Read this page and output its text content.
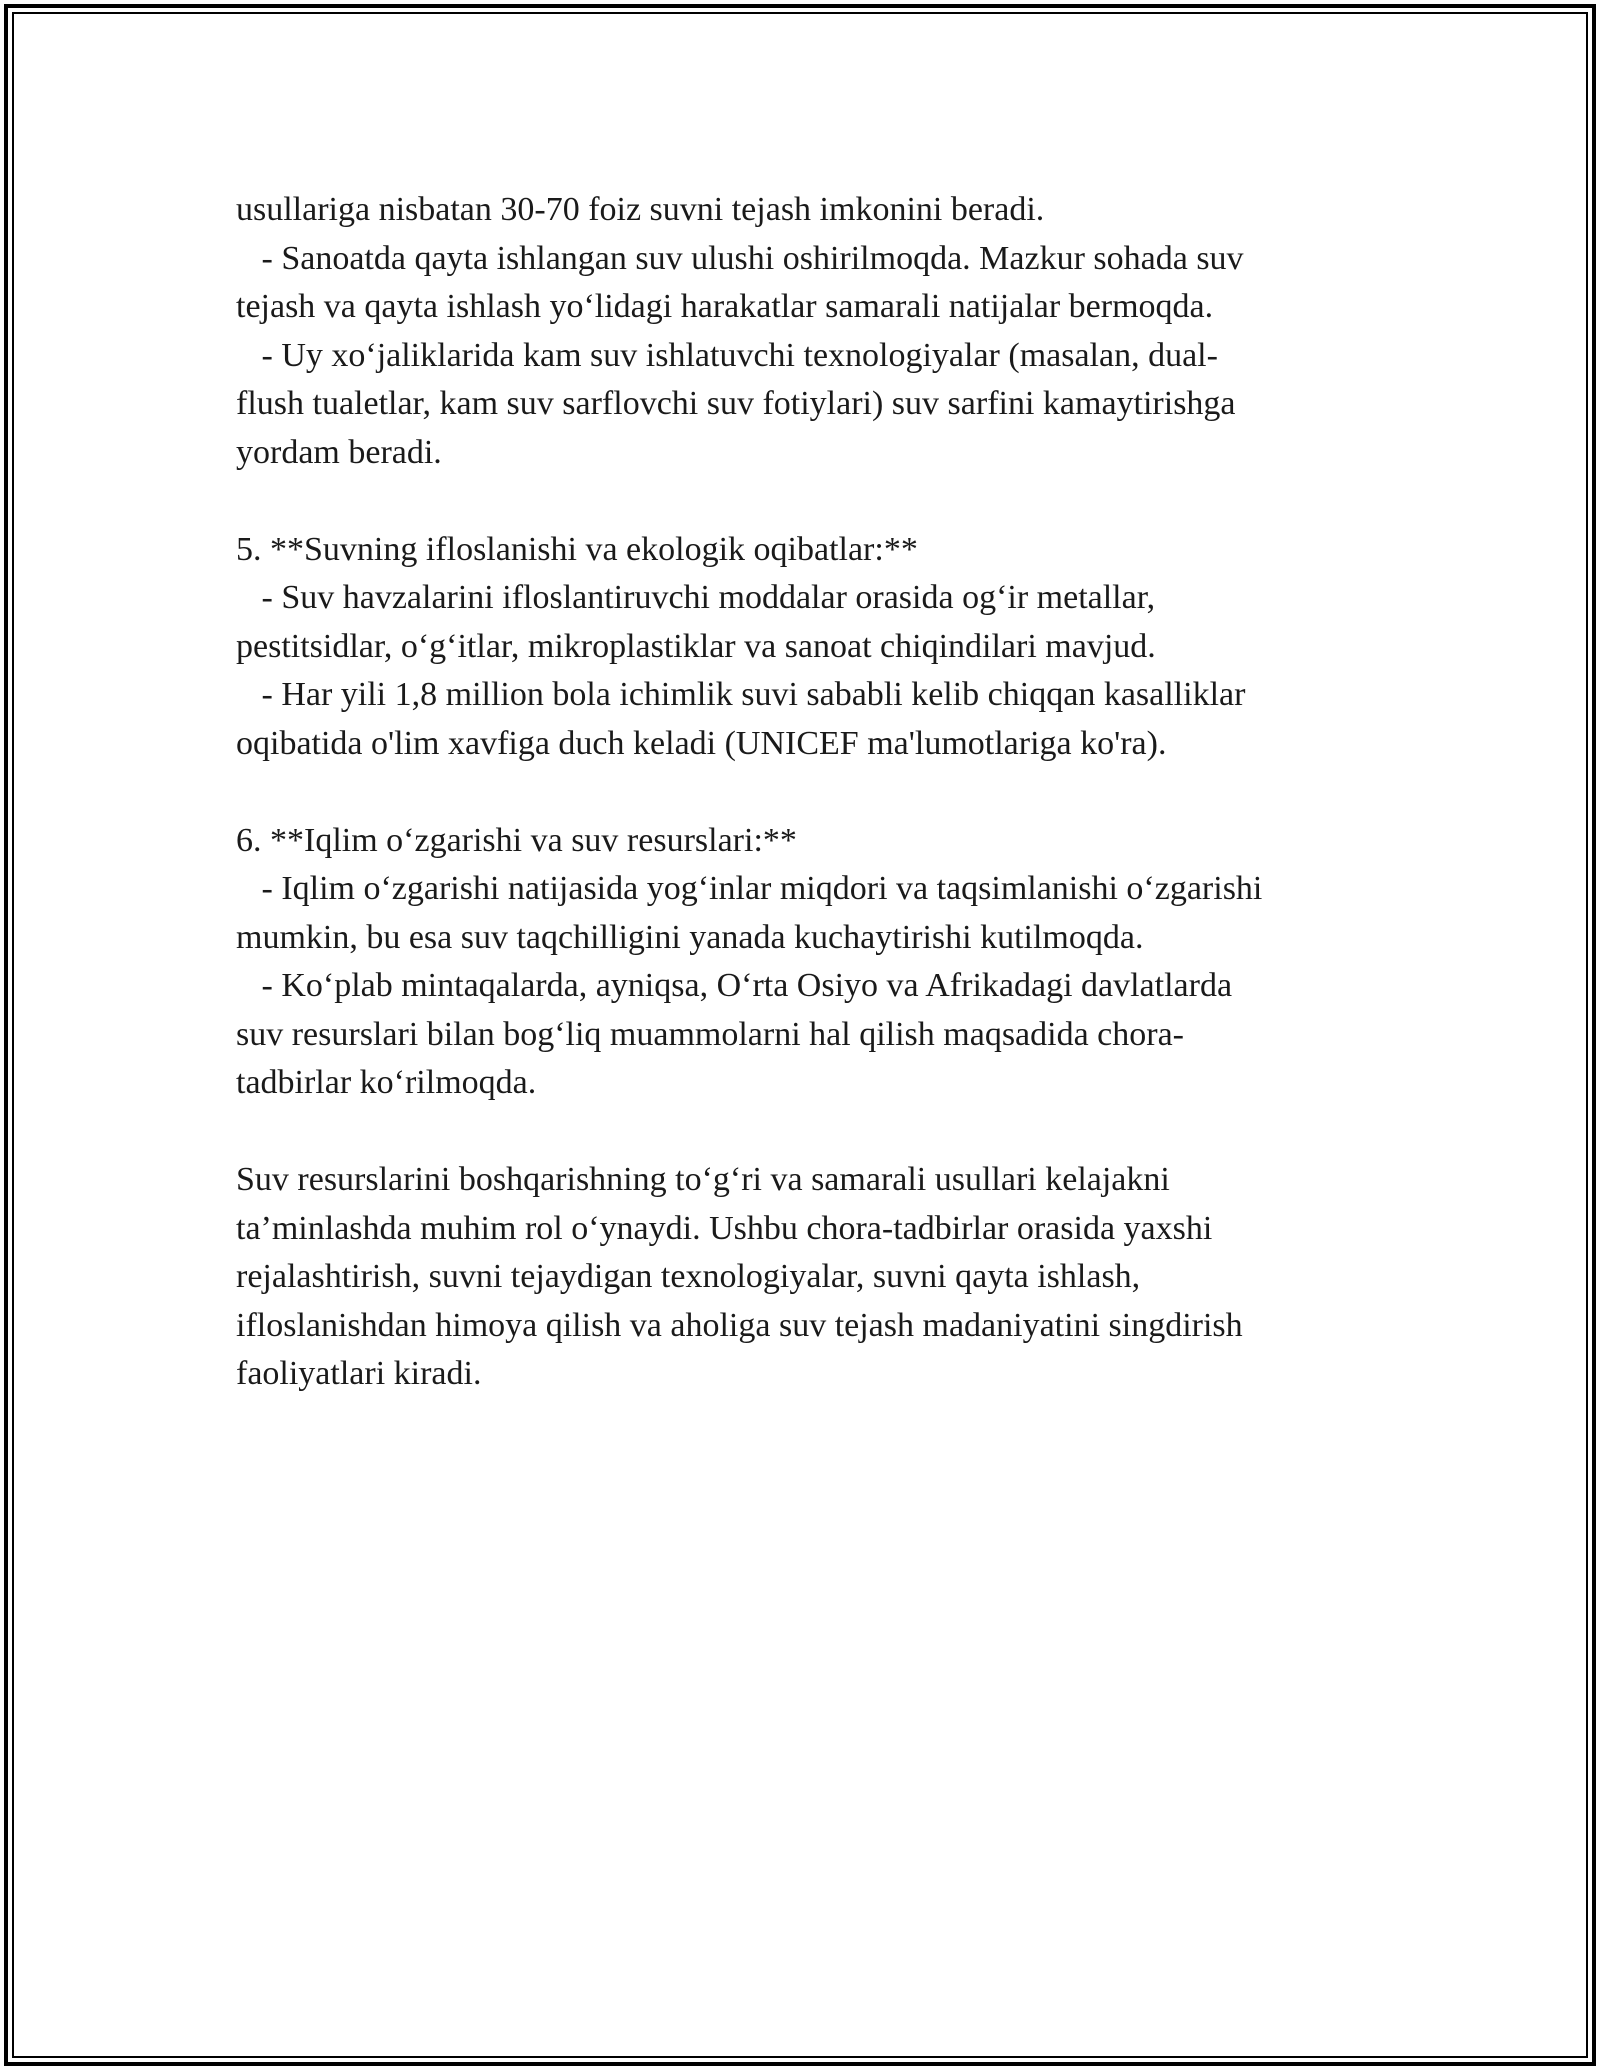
usullariga nisbatan 30-70 foiz suvni tejash imkonini beradi.
- Sanoatda qayta ishlangan suv ulushi oshirilmoqda. Mazkur sohada suv
tejash va qayta ishlash yo‘lidagi harakatlar samarali natijalar bermoqda.
- Uy xo‘jaliklarida kam suv ishlatuvchi texnologiyalar (masalan, dual-
flush tualetlar, kam suv sarflovchi suv fotiylari) suv sarfini kamaytirishga
yordam beradi.
5. **Suvning ifloslanishi va ekologik oqibatlar:**
- Suv havzalarini ifloslantiruvchi moddalar orasida og‘ir metallar,
pestitsidlar, o‘g‘itlar, mikroplastiklar va sanoat chiqindilari mavjud.
- Har yili 1,8 million bola ichimlik suvi sababli kelib chiqqan kasalliklar
oqibatida o'lim xavfiga duch keladi (UNICEF ma'lumotlariga ko'ra).
6. **Iqlim o‘zgarishi va suv resurslari:**
- Iqlim o‘zgarishi natijasida yog‘inlar miqdori va taqsimlanishi o‘zgarishi
mumkin, bu esa suv taqchilligini yanada kuchaytirishi kutilmoqda.
- Ko‘plab mintaqalarda, ayniqsa, O‘rta Osiyo va Afrikadagi davlatlarda
suv resurslari bilan bog‘liq muammolarni hal qilish maqsadida chora-
tadbirlar ko‘rilmoqda.
Suv resurslarini boshqarishning to‘g‘ri va samarali usullari kelajakni
ta’minlashda muhim rol o‘ynaydi. Ushbu chora-tadbirlar orasida yaxshi
rejalashtirish, suvni tejaydigan texnologiyalar, suvni qayta ishlash,
ifloslanishdan himoya qilish va aholiga suv tejash madaniyatini singdirish
faoliyatlari kiradi.
